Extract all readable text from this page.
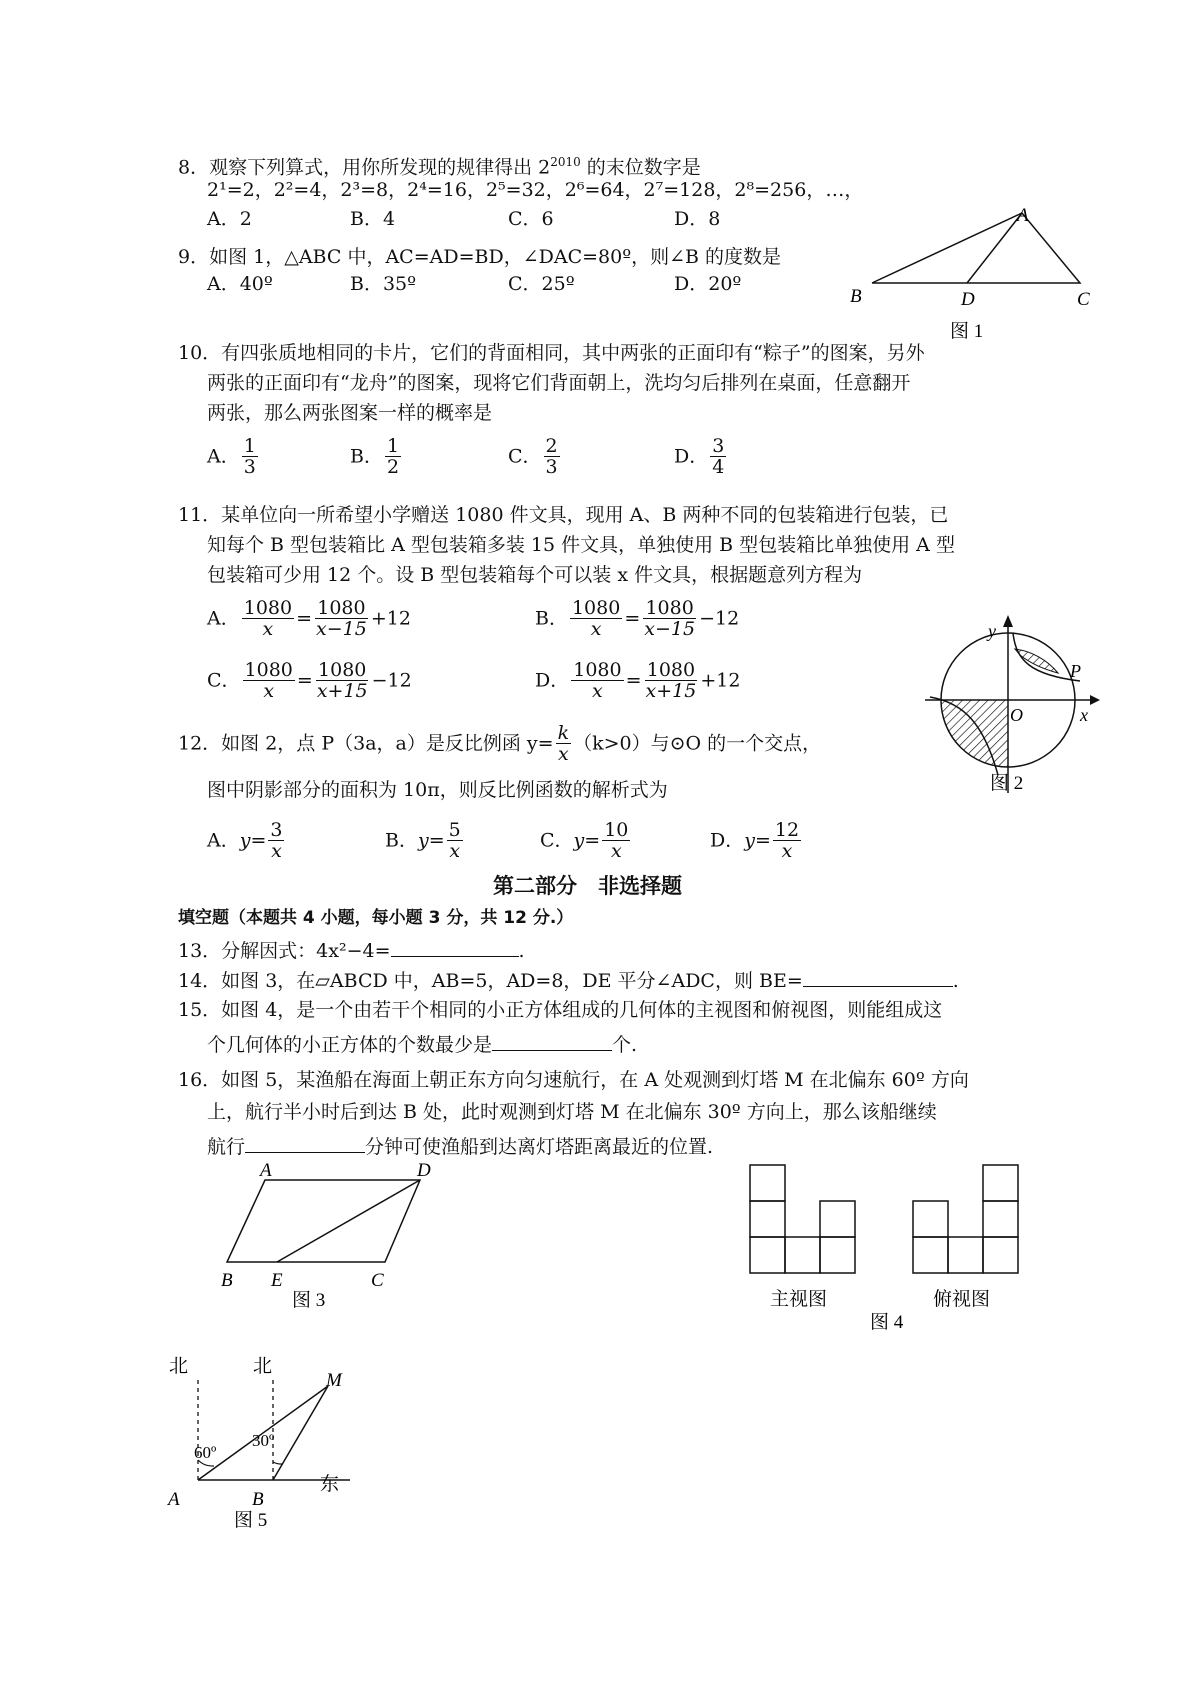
8．观察下列算式，用你所发现的规律得出 $2^{2010}$ 的末位数字是
2¹=2，2²=4，2³=8，2⁴=16，2⁵=32，2⁶=64，2⁷=128，2⁸=256，…，
A．2	B．4	C．6	D．8
9．如图 1，△ABC 中，AC=AD=BD，∠DAC=80º，则∠B 的度数是
A．40º	B．35º	C．25º	D．20º
A
B	D	C
图 1
10．有四张质地相同的卡片，它们的背面相同，其中两张的正面印有“粽子”的图案，另外
两张的正面印有“龙舟”的图案，现将它们背面朝上，洗均匀后排列在桌面，任意翻开
两张，那么两张图案一样的概率是
A． $\frac{1}{3}$	B． $\frac{1}{2}$	C． $\frac{2}{3}$	D． $\frac{3}{4}$
11．某单位向一所希望小学赠送 1080 件文具，现用 A、B 两种不同的包装箱进行包装，已
知每个 B 型包装箱比 A 型包装箱多装 15 件文具，单独使用 B 型包装箱比单独使用 A 型
包装箱可少用 12 个。设 B 型包装箱每个可以装 x 件文具，根据题意列方程为
A． $\frac{1080}{x} = \frac{1080}{x-15} +12$	B． $\frac{1080}{x} = \frac{1080}{x-15} -12$
C． $\frac{1080}{x} = \frac{1080}{x+15} -12$	D． $\frac{1080}{x} = \frac{1080}{x+15} +12$
y
P
O	x
图 2
12．如图 2，点 P（3a，a）是反比例函 $y= \frac{k}{x} (k>0)$与⊙O 的一个交点，
图中阴影部分的面积为 10π，则反比例函数的解析式为
A．$y= \frac{3}{x}$	B．$y= \frac{5}{x}$	C．$y= \frac{10}{x}$	D．$y= \frac{12}{x}$
第二部分　非选择题
填空题（本题共 4 小题，每小题 3 分，共 12 分.）
13．分解因式：4x²−4=	.
14．如图 3，在▱ABCD 中，AB=5，AD=8，DE 平分∠ADC，则 BE=	.
15．如图 4，是一个由若干个相同的小正方体组成的几何体的主视图和俯视图，则能组成这
个几何体的小正方体的个数最少是	个.
16．如图 5，某渔船在海面上朝正东方向匀速航行，在 A 处观测到灯塔 M 在北偏东 60º 方向
上，航行半小时后到达 B 处，此时观测到灯塔 M 在北偏东 30º 方向上，那么该船继续
航行	分钟可使渔船到达离灯塔距离最近的位置.
A	D
B E	C
图 3	主视图	俯视图
图 4
北	北
M
60º
30º
A	B
东
图 5
